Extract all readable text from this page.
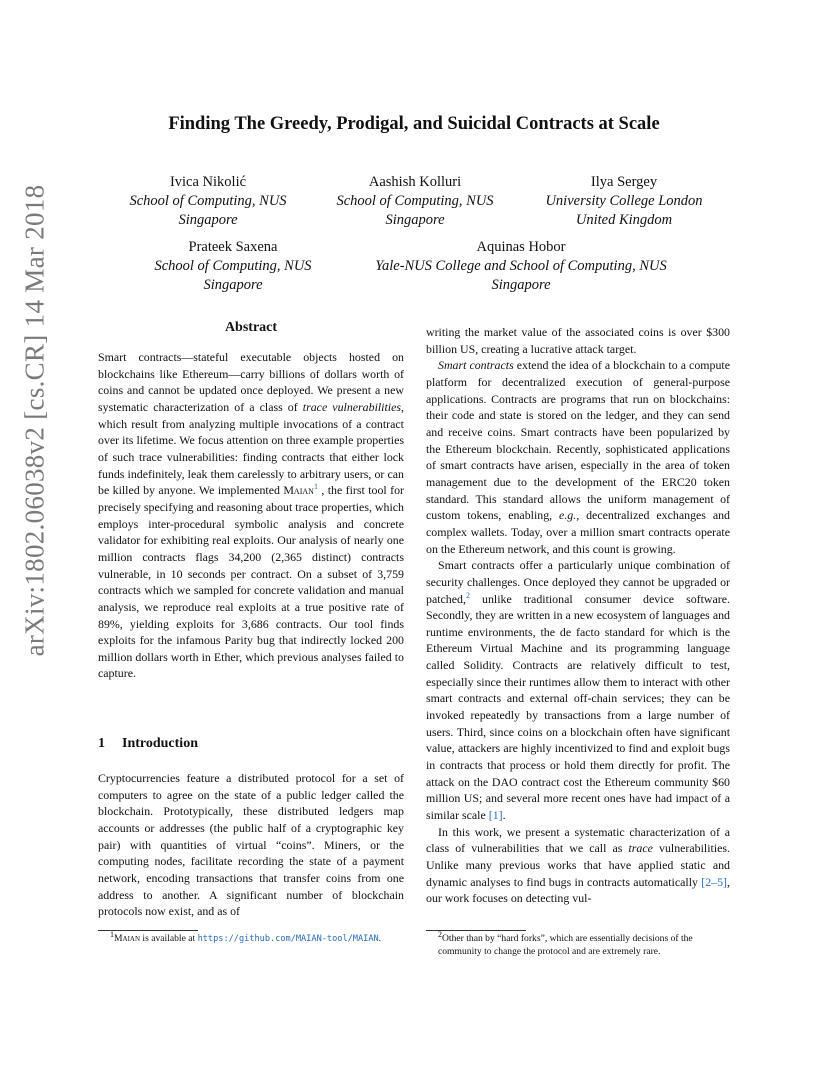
arXiv:1802.06038v2 [cs.CR] 14 Mar 2018
Finding The Greedy, Prodigal, and Suicidal Contracts at Scale
Ivica Nikolić
School of Computing, NUS
Singapore
Aashish Kolluri
School of Computing, NUS
Singapore
Ilya Sergey
University College London
United Kingdom
Prateek Saxena
School of Computing, NUS
Singapore
Aquinas Hobor
Yale-NUS College and School of Computing, NUS
Singapore
Abstract

Smart contracts—stateful executable objects hosted on blockchains like Ethereum—carry billions of dollars worth of coins and cannot be updated once deployed. We present a new systematic characterization of a class of trace vulnerabilities, which result from analyzing multiple invocations of a contract over its lifetime. We focus attention on three example properties of such trace vulnerabilities: finding contracts that either lock funds indefinitely, leak them carelessly to arbitrary users, or can be killed by anyone. We implemented Maian$^1$ , the first tool for precisely specifying and reasoning about trace properties, which employs inter-procedural symbolic analysis and concrete validator for exhibiting real exploits. Our analysis of nearly one million contracts flags 34,200 (2,365 distinct) contracts vulnerable, in 10 seconds per contract. On a subset of 3,759 contracts which we sampled for concrete validation and manual analysis, we reproduce real exploits at a true positive rate of 89%, yielding exploits for 3,686 contracts. Our tool finds exploits for the infamous Parity bug that indirectly locked 200 million dollars worth in Ether, which previous analyses failed to capture.

1 Introduction

Cryptocurrencies feature a distributed protocol for a set of computers to agree on the state of a public ledger called the blockchain. Prototypically, these distributed ledgers map accounts or addresses (the public half of a cryptographic key pair) with quantities of virtual “coins”. Miners, or the computing nodes, facilitate recording the state of a payment network, encoding transactions that transfer coins from one address to another. A significant number of blockchain protocols now exist, and as of

$^1$Maian is available at https://github.com/MAIAN-tool/MAIAN.

writing the market value of the associated coins is over $300 billion US, creating a lucrative attack target.

Smart contracts extend the idea of a blockchain to a compute platform for decentralized execution of general-purpose applications. Contracts are programs that run on blockchains: their code and state is stored on the ledger, and they can send and receive coins. Smart contracts have been popularized by the Ethereum blockchain. Recently, sophisticated applications of smart contracts have arisen, especially in the area of token management due to the development of the ERC20 token standard. This standard allows the uniform management of custom tokens, enabling, e.g., decentralized exchanges and complex wallets. Today, over a million smart contracts operate on the Ethereum network, and this count is growing.

Smart contracts offer a particularly unique combination of security challenges. Once deployed they cannot be upgraded or patched,$^2$ unlike traditional consumer device software. Secondly, they are written in a new ecosystem of languages and runtime environments, the de facto standard for which is the Ethereum Virtual Machine and its programming language called Solidity. Contracts are relatively difficult to test, especially since their runtimes allow them to interact with other smart contracts and external off-chain services; they can be invoked repeatedly by transactions from a large number of users. Third, since coins on a blockchain often have significant value, attackers are highly incentivized to find and exploit bugs in contracts that process or hold them directly for profit. The attack on the DAO contract cost the Ethereum community $60 million US; and several more recent ones have had impact of a similar scale [1].

In this work, we present a systematic characterization of a class of vulnerabilities that we call as trace vulnerabilities. Unlike many previous works that have applied static and dynamic analyses to find bugs in contracts automatically [2–5], our work focuses on detecting vul-

$^2$Other than by “hard forks”, which are essentially decisions of the community to change the protocol and are extremely rare.
